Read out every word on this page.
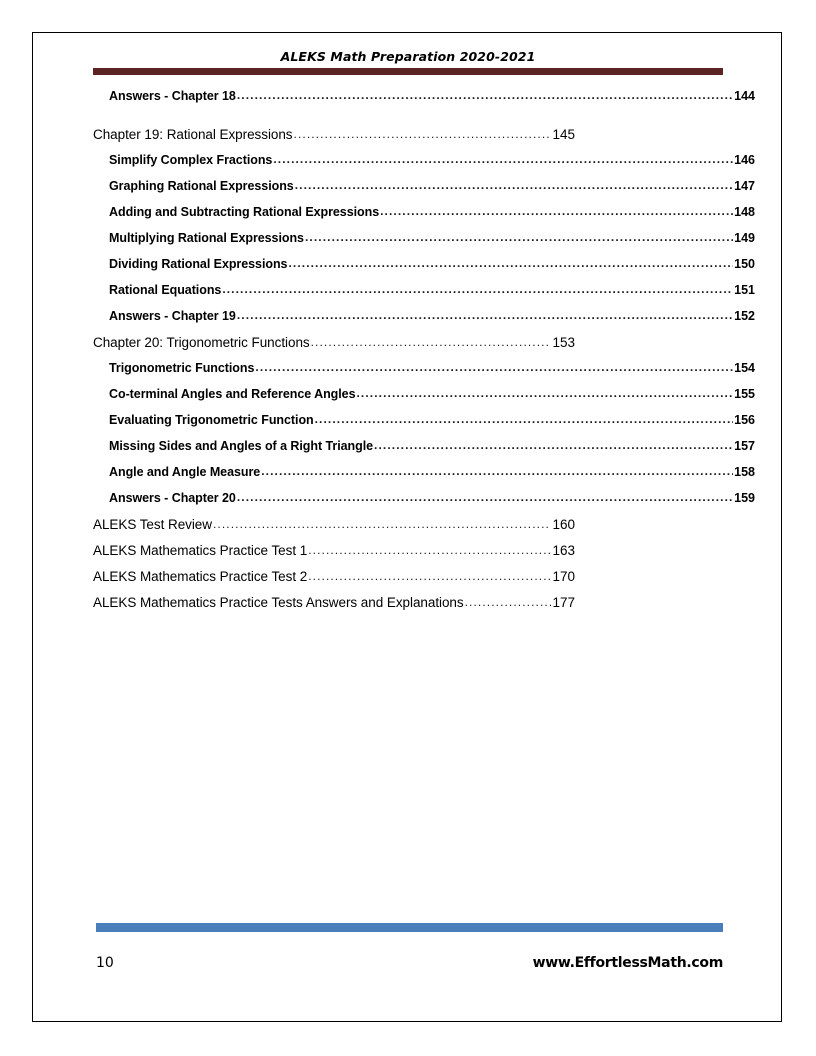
ALEKS Math Preparation 2020-2021
Answers - Chapter 18 .....	144
Chapter 19: Rational Expressions .....	145
Simplify Complex Fractions .....	146
Graphing Rational Expressions .....	147
Adding and Subtracting Rational Expressions .....	148
Multiplying Rational Expressions .....	149
Dividing Rational Expressions .....	150
Rational Equations .....	151
Answers - Chapter 19 .....	152
Chapter 20: Trigonometric Functions .....	153
Trigonometric Functions .....	154
Co-terminal Angles and Reference Angles .....	155
Evaluating Trigonometric Function .....	156
Missing Sides and Angles of a Right Triangle .....	157
Angle and Angle Measure .....	158
Answers - Chapter 20 .....	159
ALEKS Test Review .....	160
ALEKS Mathematics Practice Test 1 .....	163
ALEKS Mathematics Practice Test 2 .....	170
ALEKS Mathematics Practice Tests Answers and Explanations .....	177
10	www.EffortlessMath.com
